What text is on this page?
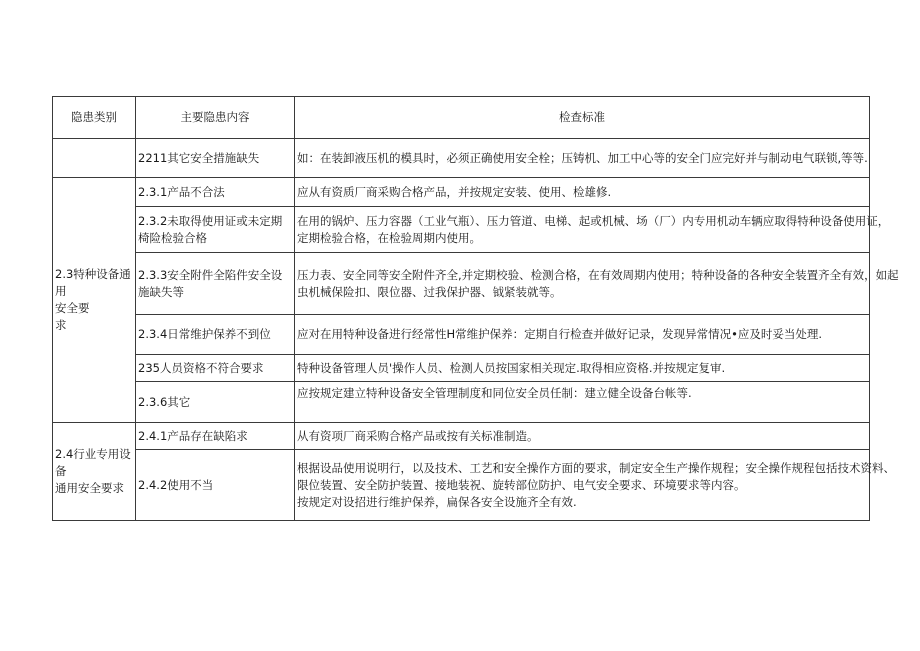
隐患类别	主要隐患内容	检查标准
	2211其它安全措施缺失	如：在装卸液压机的模具时，必须正确使用安全栓；压铸机、加工中心等的安全门应完好并与制动电气联锁,等等.

2.3特种设备通用
安全要
求	2.3.1产品不合法	应从有资质厂商采购合格产品，并按规定安装、使用、检雄修.

	2.3.2未取得使用证或未定期椅险检验合格	在用的锅炉、压力容器（工业气瓶）、压力管道、电梯、起或机械、场（厂）内专用机动车辆应取得特种设备使用证，
定期检验合格，在检验周期内使用。

	2.3.3安全附件全陷件安全设施缺失等	压力表、安全同等安全附件齐全,并定期校验、检测合格，在有效周期内使用；特种设备的各种安全装置齐全有效，如起
虫机械保险扣、限位器、过我保护器、钺紧装就等。

	2.3.4日常维护保养不到位	应对在用特种设备进行经常性H常维护保养：定期自行检查并做好记录，发现异常情况•应及时妥当处理.

	235人员资格不符合要求	特种设备管理人员'操作人员、检测人员按国家相关现定.取得相应资格.并按规定复审.

	2.3.6其它	应按规定建立特种设备安全管理制度和同位安全员任制：建立健全设备台帐等.

2.4行业专用设备
通用安全要求	2.4.1产品存在缺陷求	从有资项厂商采购合格产品或按有关标准制造。

	2.4.2使用不当	根据设品使用说明行，以及技术、工艺和安全操作方面的要求，制定安全生产操作规程；安全操作规程包括技术资料、
限位装置、安全防护装置、接地装祝、旋转部位防护、电气安全要求、环境要求等内容。
按规定对设招进行维护保养，扁保各安全设施齐全有效.
